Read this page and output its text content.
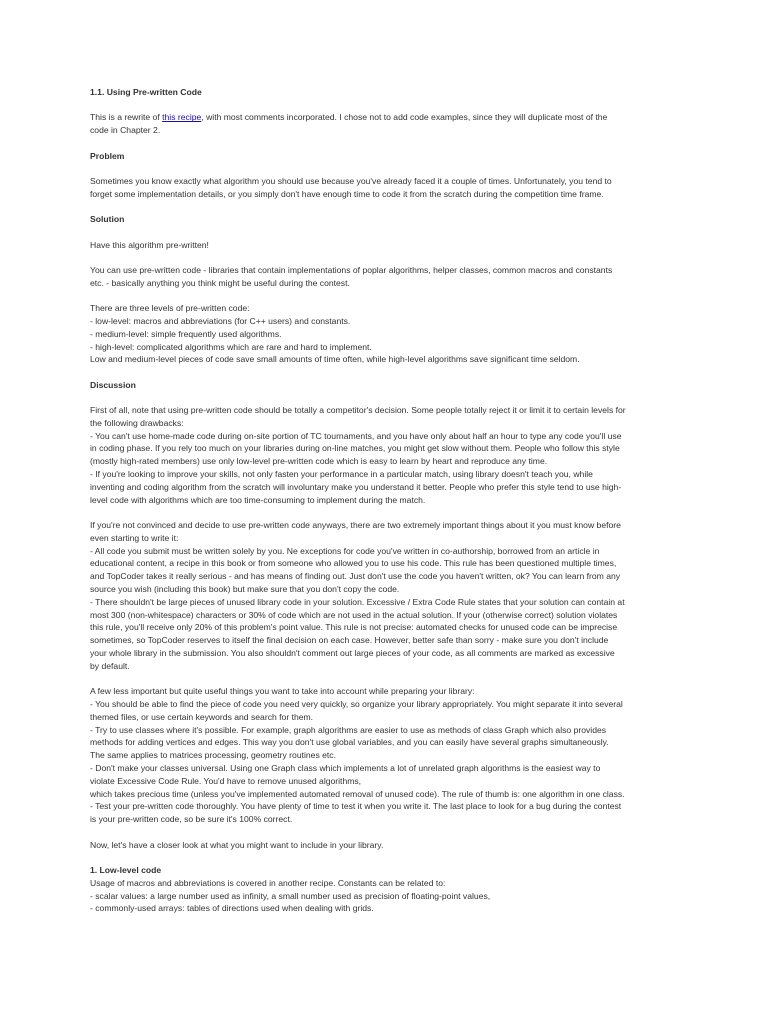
1.1. Using Pre-written Code
This is a rewrite of this recipe, with most comments incorporated. I chose not to add code examples, since they will duplicate most of the
code in Chapter 2.
Problem
Sometimes you know exactly what algorithm you should use because you've already faced it a couple of times. Unfortunately, you tend to
forget some implementation details, or you simply don't have enough time to code it from the scratch during the competition time frame.
Solution
Have this algorithm pre-written!
You can use pre-written code - libraries that contain implementations of poplar algorithms, helper classes, common macros and constants
etc. - basically anything you think might be useful during the contest.
There are three levels of pre-written code:
- low-level: macros and abbreviations (for C++ users) and constants.
- medium-level: simple frequently used algorithms.
- high-level: complicated algorithms which are rare and hard to implement.
Low and medium-level pieces of code save small amounts of time often, while high-level algorithms save significant time seldom.
Discussion
First of all, note that using pre-written code should be totally a competitor's decision. Some people totally reject it or limit it to certain levels for
the following drawbacks:
- You can't use home-made code during on-site portion of TC tournaments, and you have only about half an hour to type any code you'll use
in coding phase. If you rely too much on your libraries during on-line matches, you might get slow without them. People who follow this style
(mostly high-rated members) use only low-level pre-written code which is easy to learn by heart and reproduce any time.
- If you're looking to improve your skills, not only fasten your performance in a particular match, using library doesn't teach you, while
inventing and coding algorithm from the scratch will involuntary make you understand it better. People who prefer this style tend to use high-
level code with algorithms which are too time-consuming to implement during the match.
If you're not convinced and decide to use pre-written code anyways, there are two extremely important things about it you must know before
even starting to write it:
- All code you submit must be written solely by you. Ne exceptions for code you've written in co-authorship, borrowed from an article in
educational content, a recipe in this book or from someone who allowed you to use his code. This rule has been questioned multiple times,
and TopCoder takes it really serious - and has means of finding out. Just don't use the code you haven't written, ok? You can learn from any
source you wish (including this book) but make sure that you don't copy the code.
- There shouldn't be large pieces of unused library code in your solution. Excessive / Extra Code Rule states that your solution can contain at
most 300 (non-whitespace) characters or 30% of code which are not used in the actual solution. If your (otherwise correct) solution violates
this rule, you'll receive only 20% of this problem's point value. This rule is not precise: automated checks for unused code can be imprecise
sometimes, so TopCoder reserves to itself the final decision on each case. However, better safe than sorry - make sure you don't include
your whole library in the submission. You also shouldn't comment out large pieces of your code, as all comments are marked as excessive
by default.
A few less important but quite useful things you want to take into account while preparing your library:
- You should be able to find the piece of code you need very quickly, so organize your library appropriately. You might separate it into several
themed files, or use certain keywords and search for them.
- Try to use classes where it's possible. For example, graph algorithms are easier to use as methods of class Graph which also provides
methods for adding vertices and edges. This way you don't use global variables, and you can easily have several graphs simultaneously.
The same applies to matrices processing, geometry routines etc.
- Don't make your classes universal. Using one Graph class which implements a lot of unrelated graph algorithms is the easiest way to
violate Excessive Code Rule. You'd have to remove unused algorithms,
which takes precious time (unless you've implemented automated removal of unused code). The rule of thumb is: one algorithm in one class.
- Test your pre-written code thoroughly. You have plenty of time to test it when you write it. The last place to look for a bug during the contest
is your pre-written code, so be sure it's 100% correct.
Now, let's have a closer look at what you might want to include in your library.
1. Low-level code
Usage of macros and abbreviations is covered in another recipe. Constants can be related to:
- scalar values: a large number used as infinity, a small number used as precision of floating-point values,
- commonly-used arrays: tables of directions used when dealing with grids.
